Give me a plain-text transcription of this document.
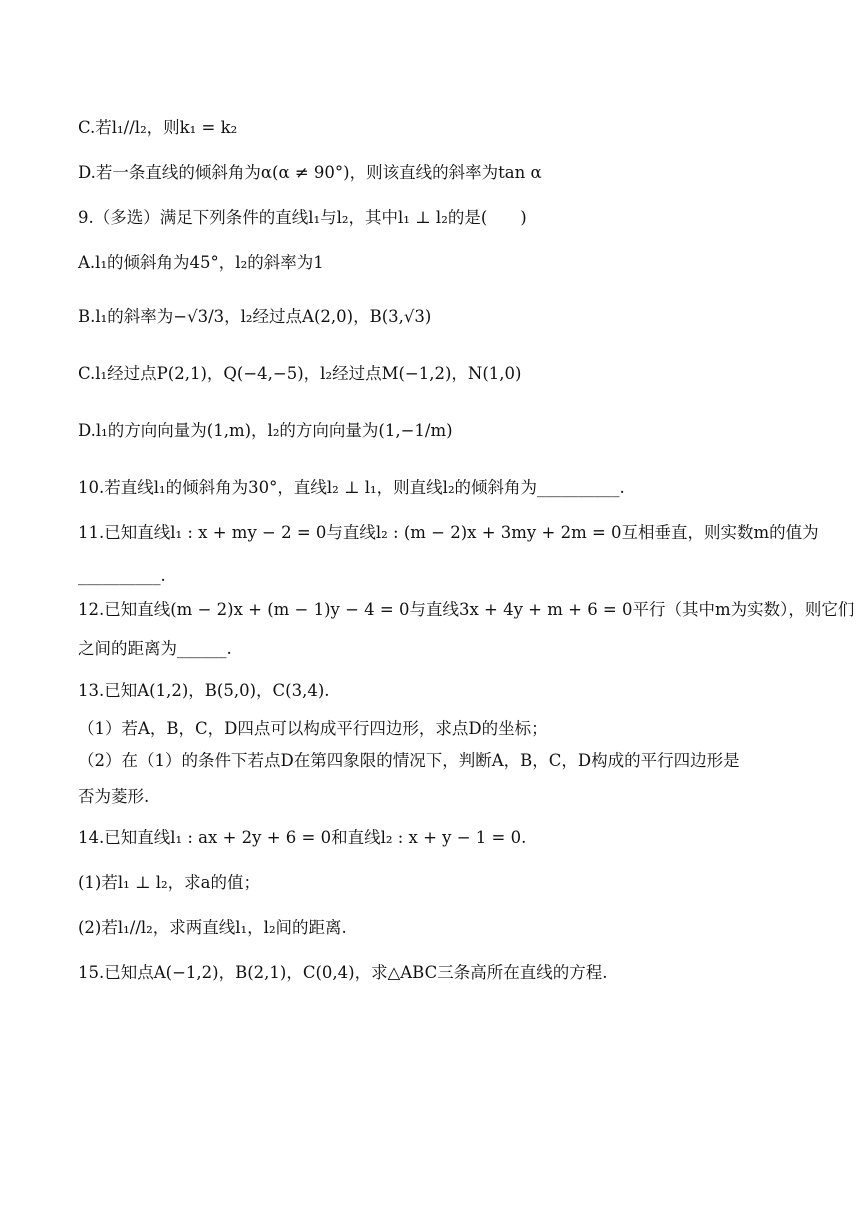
C.若l₁//l₂，则k₁ = k₂
D.若一条直线的倾斜角为α(α ≠ 90°)，则该直线的斜率为tan α
9.（多选）满足下列条件的直线l₁与l₂，其中l₁ ⊥ l₂的是(　　)
A.l₁的倾斜角为45°，l₂的斜率为1
B.l₁的斜率为−√3/3，l₂经过点A(2,0)，B(3,√3)
C.l₁经过点P(2,1)，Q(−4,−5)，l₂经过点M(−1,2)，N(1,0)
D.l₁的方向向量为(1,m)，l₂的方向向量为(1,−1/m)
10.若直线l₁的倾斜角为30°，直线l₂ ⊥ l₁，则直线l₂的倾斜角为__________.
11.已知直线l₁ : x + my − 2 = 0与直线l₂ : (m − 2)x + 3my + 2m = 0互相垂直，则实数m的值为
__________.
12.已知直线(m − 2)x + (m − 1)y − 4 = 0与直线3x + 4y + m + 6 = 0平行（其中m为实数），则它们
之间的距离为______.
13.已知A(1,2)，B(5,0)，C(3,4).
（1）若A，B，C，D四点可以构成平行四边形，求点D的坐标；
（2）在（1）的条件下若点D在第四象限的情况下，判断A，B，C，D构成的平行四边形是
否为菱形.
14.已知直线l₁ : ax + 2y + 6 = 0和直线l₂ : x + y − 1 = 0.
(1)若l₁ ⊥ l₂，求a的值；
(2)若l₁//l₂，求两直线l₁，l₂间的距离.
15.已知点A(−1,2)，B(2,1)，C(0,4)，求△ABC三条高所在直线的方程.
